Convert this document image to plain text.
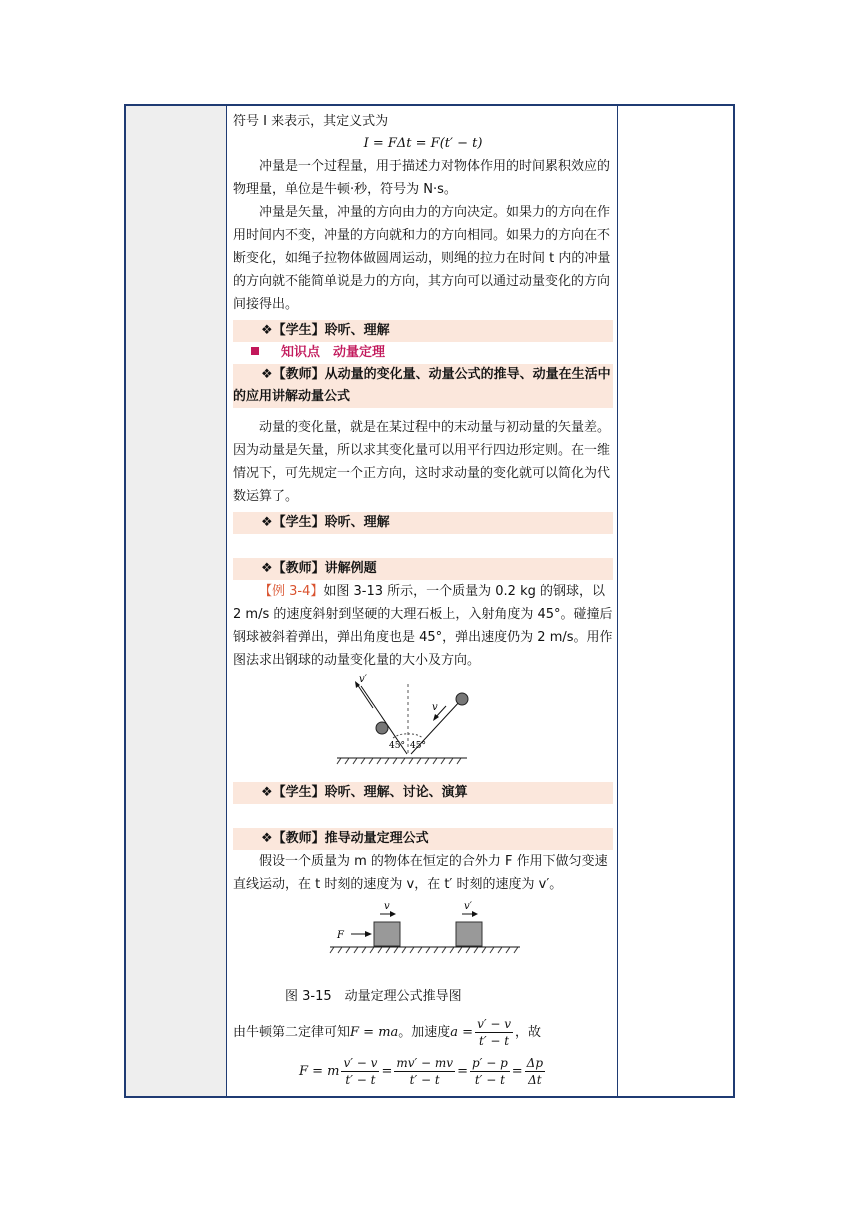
符号 I 来表示，其定义式为

I = FΔt = F(t′ − t)

冲量是一个过程量，用于描述力对物体作用的时间累积效应的物理量，单位是牛顿·秒，符号为 N·s。

冲量是矢量，冲量的方向由力的方向决定。如果力的方向在作用时间内不变，冲量的方向就和力的方向相同。如果力的方向在不断变化，如绳子拉物体做圆周运动，则绳的拉力在时间 t 内的冲量的方向就不能简单说是力的方向，其方向可以通过动量变化的方向间接得出。

❖【学生】聆听、理解

知识点　动量定理

❖【教师】从动量的变化量、动量公式的推导、动量在生活中的应用讲解动量公式

动量的变化量，就是在某过程中的末动量与初动量的矢量差。因为动量是矢量，所以求其变化量可以用平行四边形定则。在一维情况下，可先规定一个正方向，这时求动量的变化就可以简化为代数运算了。

❖【学生】聆听、理解

❖【教师】讲解例题

【例 3-4】如图 3-13 所示，一个质量为 0.2 kg 的钢球，以 2 m/s 的速度斜射到坚硬的大理石板上，入射角度为 45°。碰撞后钢球被斜着弹出，弹出角度也是 45°，弹出速度仍为 2 m/s。用作图法求出钢球的动量变化量的大小及方向。

v′
v
45° 45°

❖【学生】聆听、理解、讨论、演算

❖【教师】推导动量定理公式

假设一个质量为 m 的物体在恒定的合外力 F 作用下做匀变速直线运动，在 t 时刻的速度为 v，在 t′ 时刻的速度为 v′。

F
v	v′

图 3-15　动量定理公式推导图

由牛顿第二定律可知F = ma。加速度$a = \frac{v' - v}{t' - t}$ ，故

F = m $\frac{v' - v}{t' - t} = \frac{mv' - mv}{t' - t} = \frac{p' - p}{t' - t} = \frac{\Delta p}{\Delta t}$
